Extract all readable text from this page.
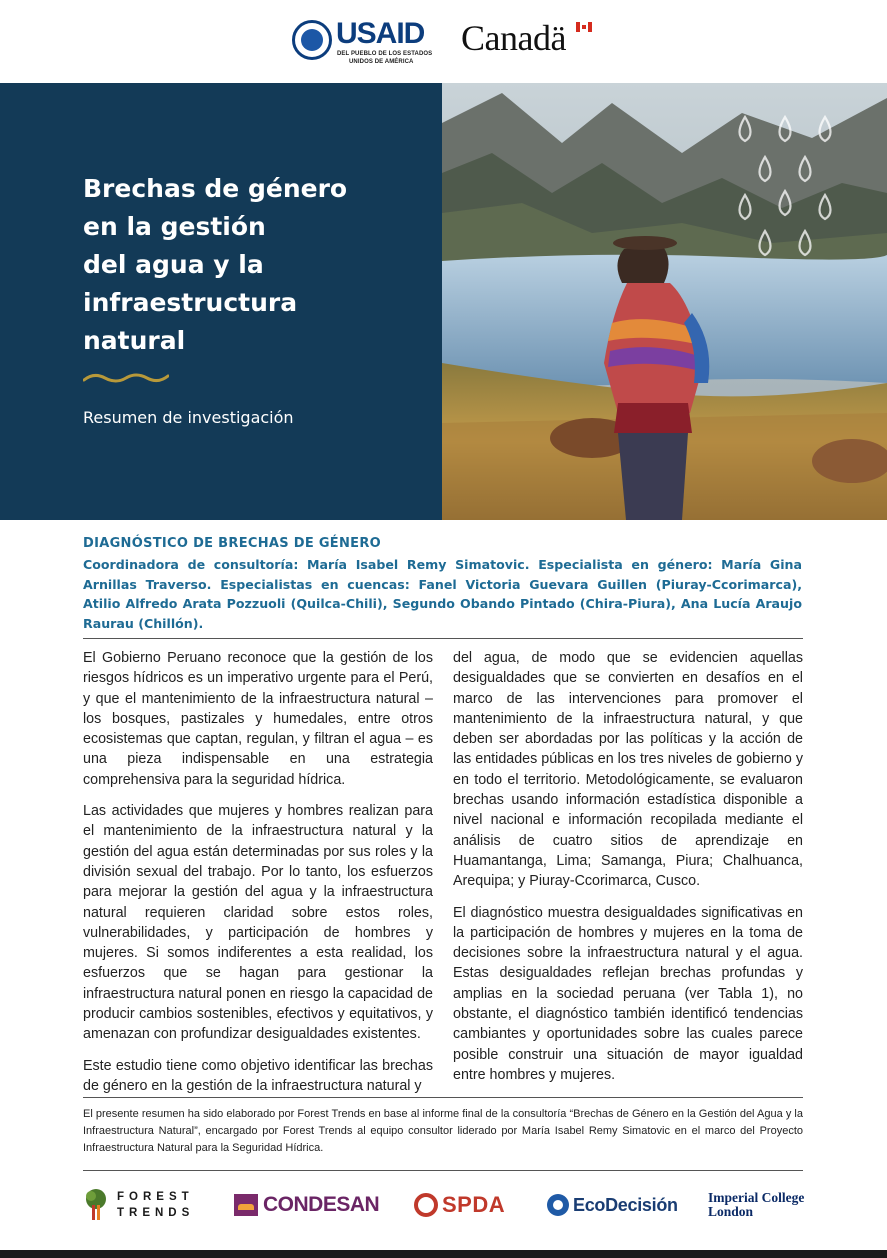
USAID
DEL PUEBLO DE LOS ESTADOS
UNIDOS DE AMÉRICA
Canadä
Brechas de género
en la gestión
del agua y la
infraestructura
natural
Resumen de investigación
DIAGNÓSTICO DE BRECHAS DE GÉNERO

Coordinadora de consultoría: María Isabel Remy Simatovic. Especialista en género: María Gina Arnillas Traverso. Especialistas en cuencas: Fanel Victoria Guevara Guillen (Piuray-Ccorimarca), Atilio Alfredo Arata Pozzuoli (Quilca-Chili), Segundo Obando Pintado (Chira-Piura), Ana Lucía Araujo Raurau (Chillón).

El Gobierno Peruano reconoce que la gestión de los riesgos hídricos es un imperativo urgente para el Perú, y que el mantenimiento de la infraestructura natural – los bosques, pastizales y humedales, entre otros ecosistemas que captan, regulan, y filtran el agua – es una pieza indispensable en una estrategia comprehensiva para la seguridad hídrica.

Las actividades que mujeres y hombres realizan para el mantenimiento de la infraestructura natural y la gestión del agua están determinadas por sus roles y la división sexual del trabajo. Por lo tanto, los esfuerzos para mejorar la gestión del agua y la infraestructura natural requieren claridad sobre estos roles, vulnerabilidades, y participación de hombres y mujeres. Si somos indiferentes a esta realidad, los esfuerzos que se hagan para gestionar la infraestructura natural ponen en riesgo la capacidad de producir cambios sostenibles, efectivos y equitativos, y amenazan con profundizar desigualdades existentes.

Este estudio tiene como objetivo identificar las brechas de género en la gestión de la infraestructura natural y

del agua, de modo que se evidencien aquellas desigualdades que se convierten en desafíos en el marco de las intervenciones para promover el mantenimiento de la infraestructura natural, y que deben ser abordadas por las políticas y la acción de las entidades públicas en los tres niveles de gobierno y en todo el territorio. Metodológicamente, se evaluaron brechas usando información estadística disponible a nivel nacional e información recopilada mediante el análisis de cuatro sitios de aprendizaje en Huamantanga, Lima; Samanga, Piura; Chalhuanca, Arequipa; y Piuray-Ccorimarca, Cusco.

El diagnóstico muestra desigualdades significativas en la participación de hombres y mujeres en la toma de decisiones sobre la infraestructura natural y el agua. Estas desigualdades reflejan brechas profundas y amplias en la sociedad peruana (ver Tabla 1), no obstante, el diagnóstico también identificó tendencias cambiantes y oportunidades sobre las cuales parece posible construir una situación de mayor igualdad entre hombres y mujeres.

El presente resumen ha sido elaborado por Forest Trends en base al informe final de la consultoría “Brechas de Género en la Gestión del Agua y la Infraestructura Natural”, encargado por Forest Trends al equipo consultor liderado por María Isabel Remy Simatovic en el marco del Proyecto Infraestructura Natural para la Seguridad Hídrica.

FOREST
TRENDS	CONDESAN	SPDA	EcoDecisión Imperial College
London
